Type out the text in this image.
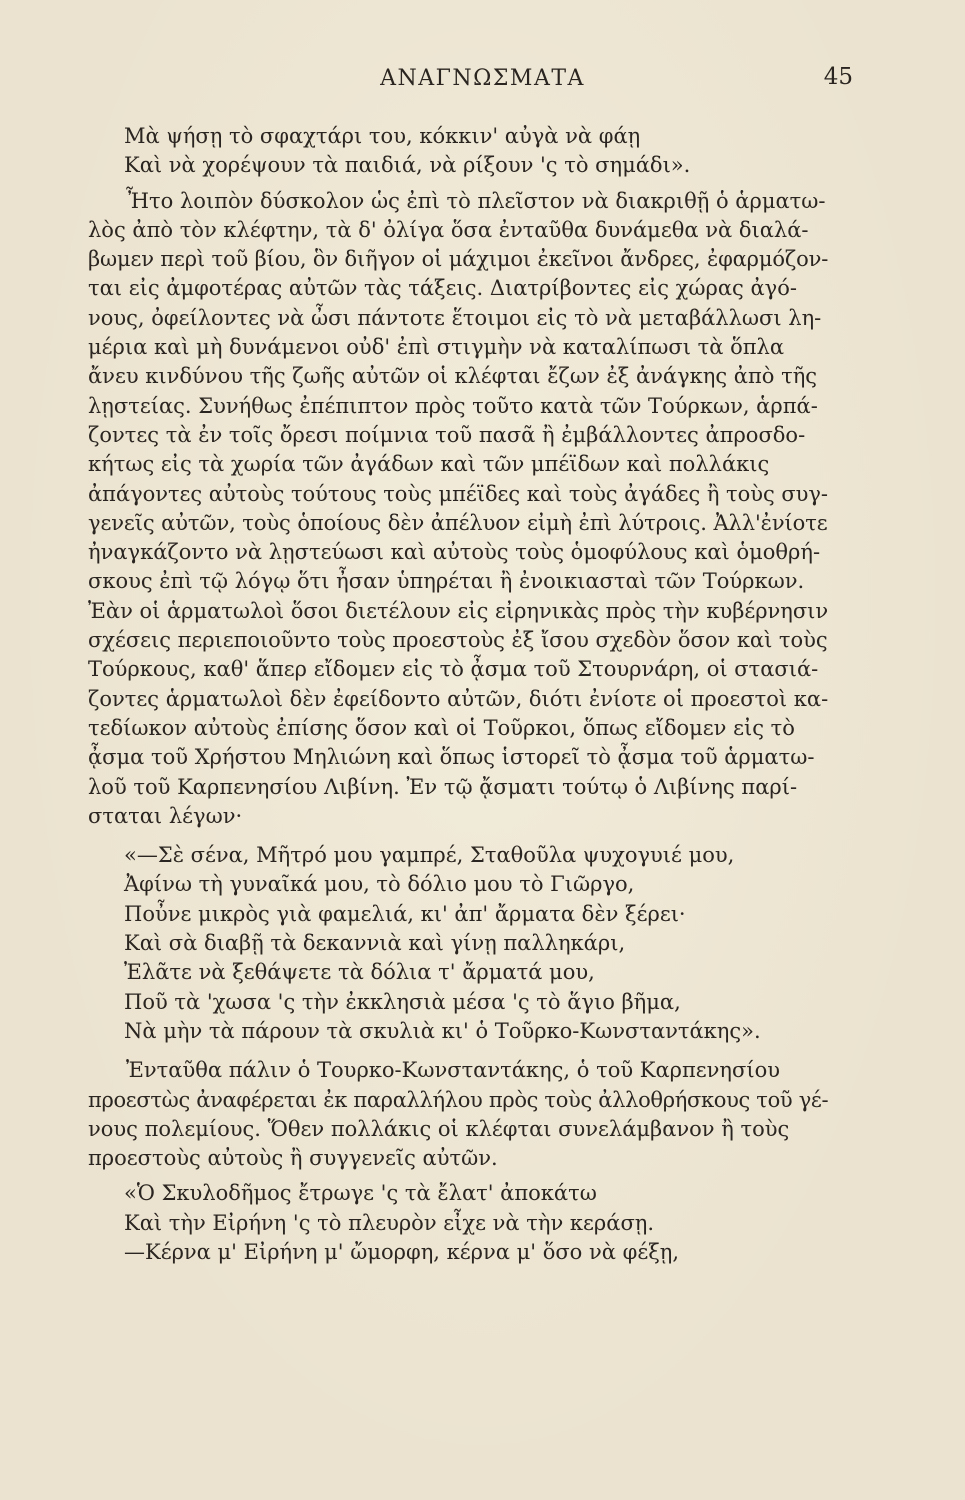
ΑΝΑΓΝΩΣΜΑΤΑ	45
Μὰ ψήσῃ τὸ σφαχτάρι του, κόκκιν' αὐγὰ νὰ φάῃ
Καὶ νὰ χορέψουν τὰ παιδιά, νὰ ρίξουν 'ς τὸ σημάδι».
Ἦτο λοιπὸν δύσκολον ὡς ἐπὶ τὸ πλεῖστον νὰ διακριθῇ ὁ ἁρματω-
λὸς ἀπὸ τὸν κλέφτην, τὰ δ' ὀλίγα ὅσα ἐνταῦθα δυνάμεθα νὰ διαλά-
βωμεν περὶ τοῦ βίου, ὃν διῆγον οἱ μάχιμοι ἐκεῖνοι ἄνδρες, ἐφαρμόζον-
ται εἰς ἀμφοτέρας αὐτῶν τὰς τάξεις. Διατρίβοντες εἰς χώρας ἀγό-
νους, ὀφείλοντες νὰ ὦσι πάντοτε ἕτοιμοι εἰς τὸ νὰ μεταβάλλωσι λη-
μέρια καὶ μὴ δυνάμενοι οὐδ' ἐπὶ στιγμὴν νὰ καταλίπωσι τὰ ὅπλα
ἄνευ κινδύνου τῆς ζωῆς αὐτῶν οἱ κλέφται ἔζων ἐξ ἀνάγκης ἀπὸ τῆς
λῃστείας. Συνήθως ἐπέπιπτον πρὸς τοῦτο κατὰ τῶν Τούρκων, ἁρπά-
ζοντες τὰ ἐν τοῖς ὄρεσι ποίμνια τοῦ πασᾶ ἢ ἐμβάλλοντες ἀπροσδο-
κήτως εἰς τὰ χωρία τῶν ἀγάδων καὶ τῶν μπέϊδων καὶ πολλάκις
ἀπάγοντες αὐτοὺς τούτους τοὺς μπέϊδες καὶ τοὺς ἀγάδες ἢ τοὺς συγ-
γενεῖς αὐτῶν, τοὺς ὁποίους δὲν ἀπέλυον εἰμὴ ἐπὶ λύτροις. Ἀλλ'ἐνίοτε
ἠναγκάζοντο νὰ λῃστεύωσι καὶ αὐτοὺς τοὺς ὁμοφύλους καὶ ὁμοθρή-
σκους ἐπὶ τῷ λόγῳ ὅτι ἦσαν ὑπηρέται ἢ ἐνοικιασταὶ τῶν Τούρκων.
Ἐὰν οἱ ἁρματωλοὶ ὅσοι διετέλουν εἰς εἰρηνικὰς πρὸς τὴν κυβέρνησιν
σχέσεις περιεποιοῦντο τοὺς προεστοὺς ἐξ ἴσου σχεδὸν ὅσον καὶ τοὺς
Τούρκους, καθ' ἅπερ εἴδομεν εἰς τὸ ᾆσμα τοῦ Στουρνάρη, οἱ στασιά-
ζοντες ἁρματωλοὶ δὲν ἐφείδοντο αὐτῶν, διότι ἐνίοτε οἱ προεστοὶ κα-
τεδίωκον αὐτοὺς ἐπίσης ὅσον καὶ οἱ Τοῦρκοι, ὅπως εἴδομεν εἰς τὸ
ᾆσμα τοῦ Χρήστου Μηλιώνη καὶ ὅπως ἱστορεῖ τὸ ᾆσμα τοῦ ἁρματω-
λοῦ τοῦ Καρπενησίου Λιβίνη. Ἐν τῷ ᾄσματι τούτῳ ὁ Λιβίνης παρί-
σταται λέγων·
«—Σὲ σένα, Μῆτρό μου γαμπρέ, Σταθοῦλα ψυχογυιέ μου,
Ἀφίνω τὴ γυναῖκά μου, τὸ δόλιο μου τὸ Γιῶργο,
Ποὖνε μικρὸς γιὰ φαμελιά, κι' ἀπ' ἄρματα δὲν ξέρει·
Καὶ σὰ διαβῇ τὰ δεκαννιὰ καὶ γίνῃ παλληκάρι,
Ἐλᾶτε νὰ ξεθάψετε τὰ δόλια τ' ἄρματά μου,
Ποῦ τὰ 'χωσα 'ς τὴν ἐκκλησιὰ μέσα 'ς τὸ ἅγιο βῆμα,
Νὰ μὴν τὰ πάρουν τὰ σκυλιὰ κι' ὁ Τοῦρκο-Κωνσταντάκης».
Ἐνταῦθα πάλιν ὁ Τουρκο-Κωνσταντάκης, ὁ τοῦ Καρπενησίου
προεστὼς ἀναφέρεται ἐκ παραλλήλου πρὸς τοὺς ἀλλοθρήσκους τοῦ γέ-
νους πολεμίους. Ὅθεν πολλάκις οἱ κλέφται συνελάμβανον ἢ τοὺς
προεστοὺς αὐτοὺς ἢ συγγενεῖς αὐτῶν.
«Ὁ Σκυλοδῆμος ἔτρωγε 'ς τὰ ἔλατ' ἀποκάτω
Καὶ τὴν Εἰρήνη 'ς τὸ πλευρὸν εἶχε νὰ τὴν κεράσῃ.
—Κέρνα μ' Εἰρήνη μ' ὤμορφη, κέρνα μ' ὅσο νὰ φέξῃ,
